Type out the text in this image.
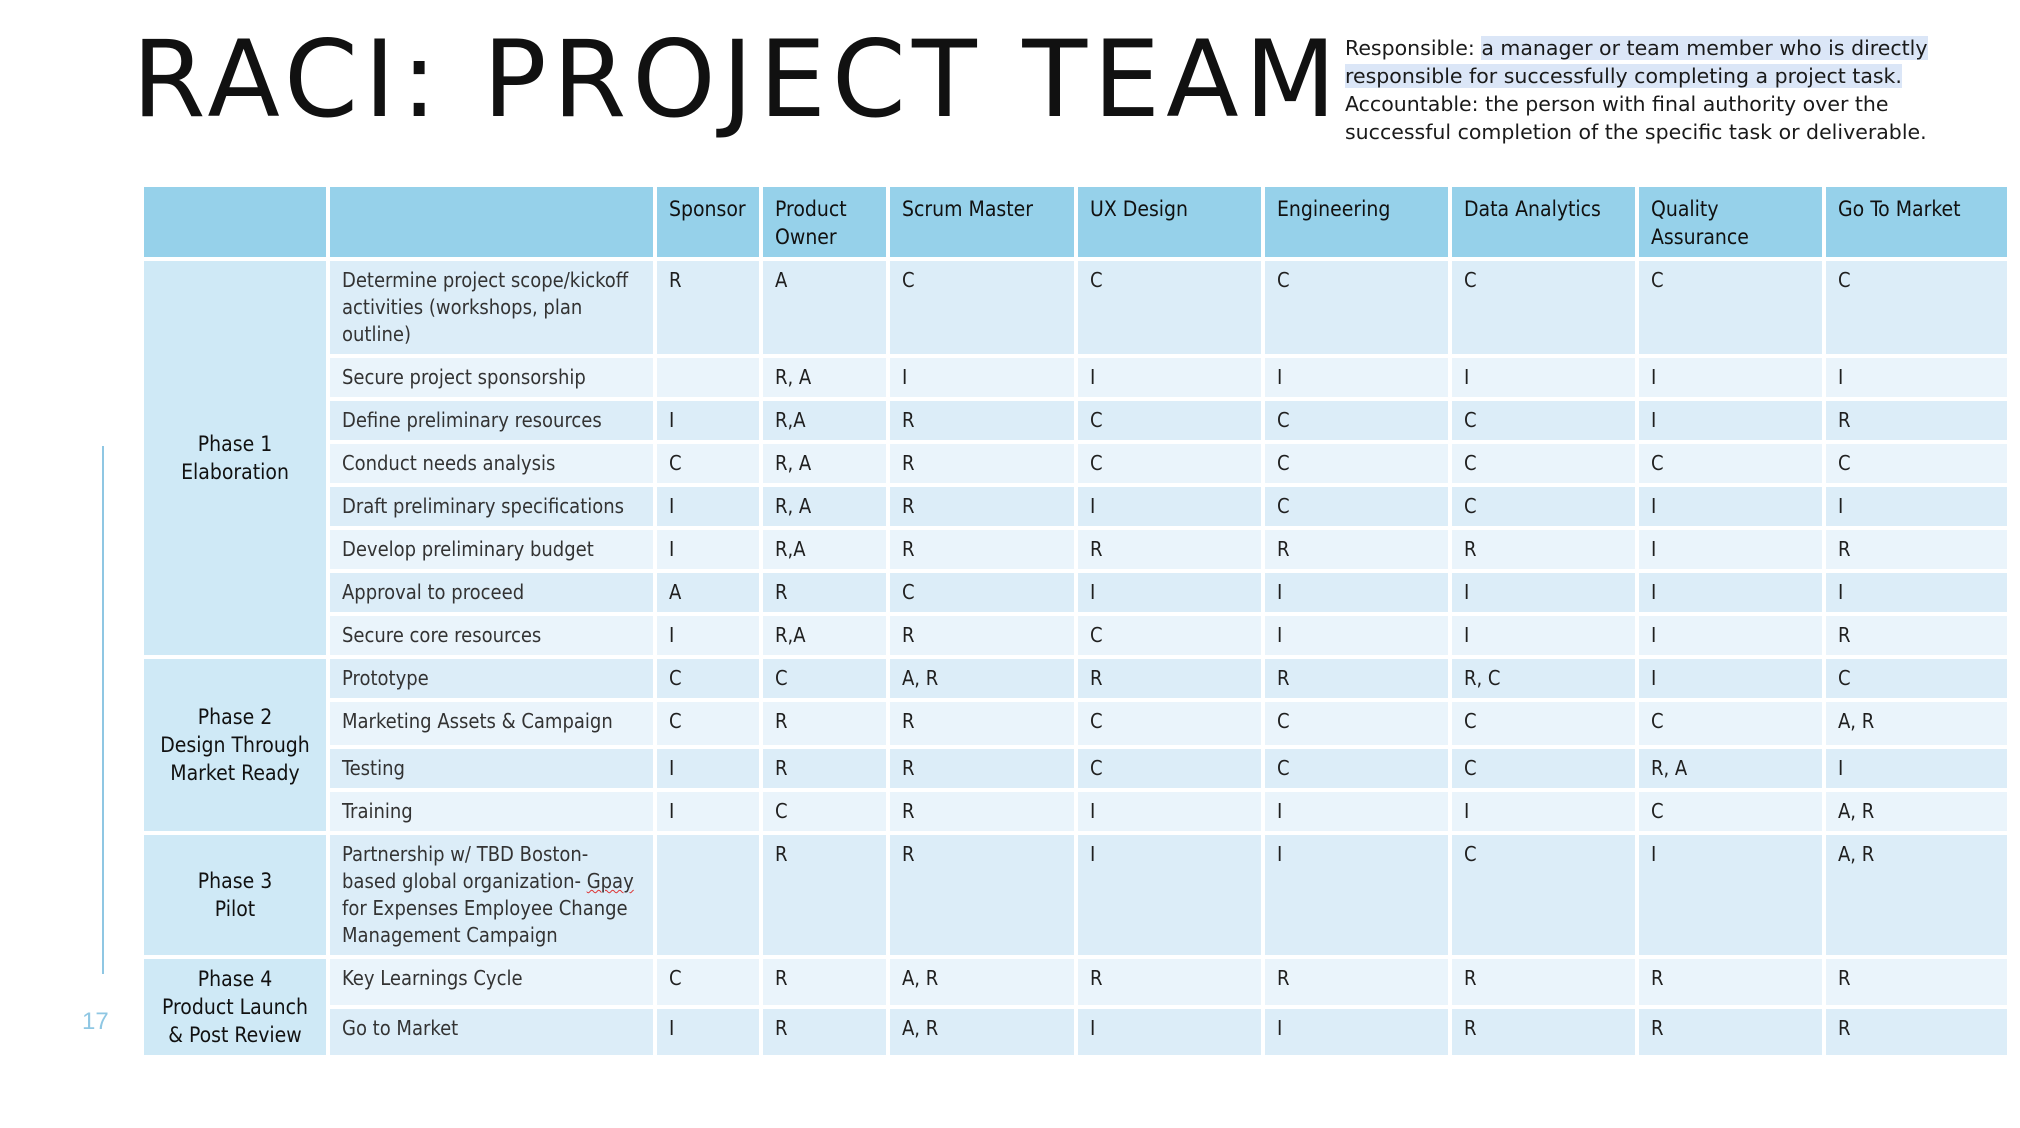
RACI: PROJECT TEAM Responsible: a manager or team member who is directly responsible for successfully completing a project task.
Accountable: the person with final authority over the successful completion of the specific task or deliverable.
17
		Sponsor	Product Owner	Scrum Master	UX Design	Engineering	Data Analytics	Quality Assurance	Go To Market
Phase 1
Elaboration	Determine project scope/kickoff activities (workshops, plan outline)	R	A	C	C	C	C	C	C
	Secure project sponsorship		R, A	I	I	I	I	I	I
	Define preliminary resources	I	R,A	R	C	C	C	I	R
	Conduct needs analysis	C	R, A	R	C	C	C	C	C
	Draft preliminary specifications	I	R, A	R	I	C	C	I	I
	Develop preliminary budget	I	R,A	R	R	R	R	I	R
	Approval to proceed	A	R	C	I	I	I	I	I
	Secure core resources	I	R,A	R	C	I	I	I	R
Phase 2
Design Through
Market Ready	Prototype	C	C	A, R	R	R	R, C	I	C
	Marketing Assets & Campaign	C	R	R	C	C	C	C	A, R
	Testing	I	R	R	C	C	C	R, A	I
	Training	I	C	R	I	I	I	C	A, R
Phase 3
Pilot	Partnership w/ TBD Boston-based global organization- Gpay for Expenses Employee Change Management Campaign		R	R	I	I	C	I	A, R
Phase 4
Product Launch
& Post Review	Key Learnings Cycle	C	R	A, R	R	R	R	R	R
	Go to Market	I	R	A, R	I	I	R	R	R
